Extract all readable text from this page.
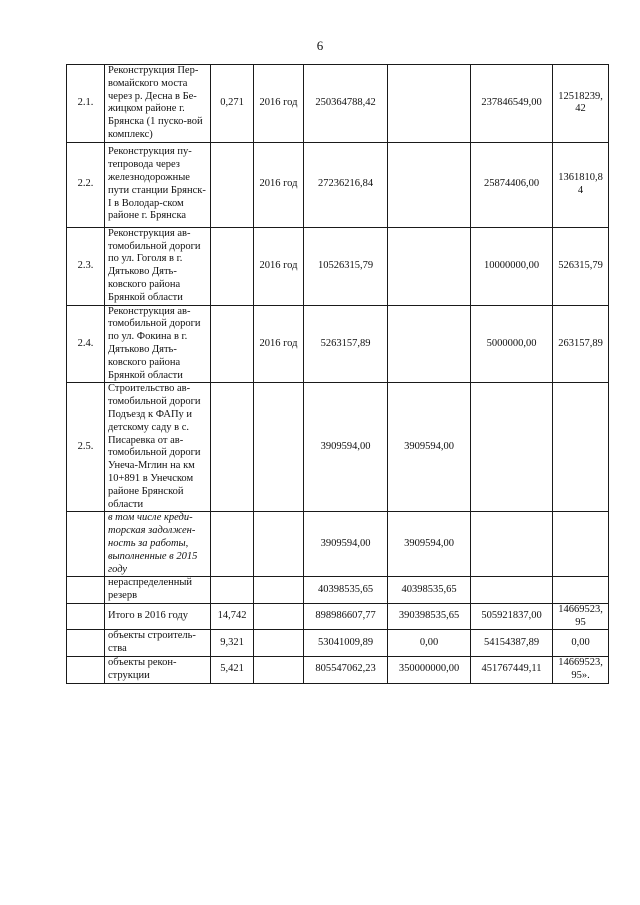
6
2.1.	Реконструкция Пер-вомайского моста через р. Десна в Бе-жицком районе г. Брянска (1 пуско-вой комплекс)	0,271	2016 год	250364788,42		237846549,00	12518239,42
2.2.	Реконструкция пу-тепровода через железнодорожные пути станции Брянск-I в Володар-ском районе г. Брянска		2016 год	27236216,84		25874406,00	1361810,84
2.3.	Реконструкция ав-томобильной дороги по ул. Гоголя в г. Дятьково Дять-ковского района Брянкой области		2016 год	10526315,79		10000000,00	526315,79
2.4.	Реконструкция ав-томобильной дороги по ул. Фокина в г. Дятьково Дять-ковского района Брянкой области		2016 год	5263157,89		5000000,00	263157,89
2.5.	Строительство ав-томобильной дороги Подъезд к ФАПу и детскому саду в с. Писаревка от ав-томобильной дороги Унеча-Мглин на км 10+891 в Унечском районе Брянской области			3909594,00	3909594,00		
	в том числе креди-торская задолжен-ность за работы, выполненные в 2015 году			3909594,00	3909594,00		
	нераспределенный резерв			40398535,65	40398535,65		
	Итого в 2016 году	14,742		898986607,77	390398535,65	505921837,00	14669523,95
	объекты строитель-ства	9,321		53041009,89	0,00	54154387,89	0,00
	объекты рекон-струкции	5,421		805547062,23	350000000,00	451767449,11	14669523,95».
